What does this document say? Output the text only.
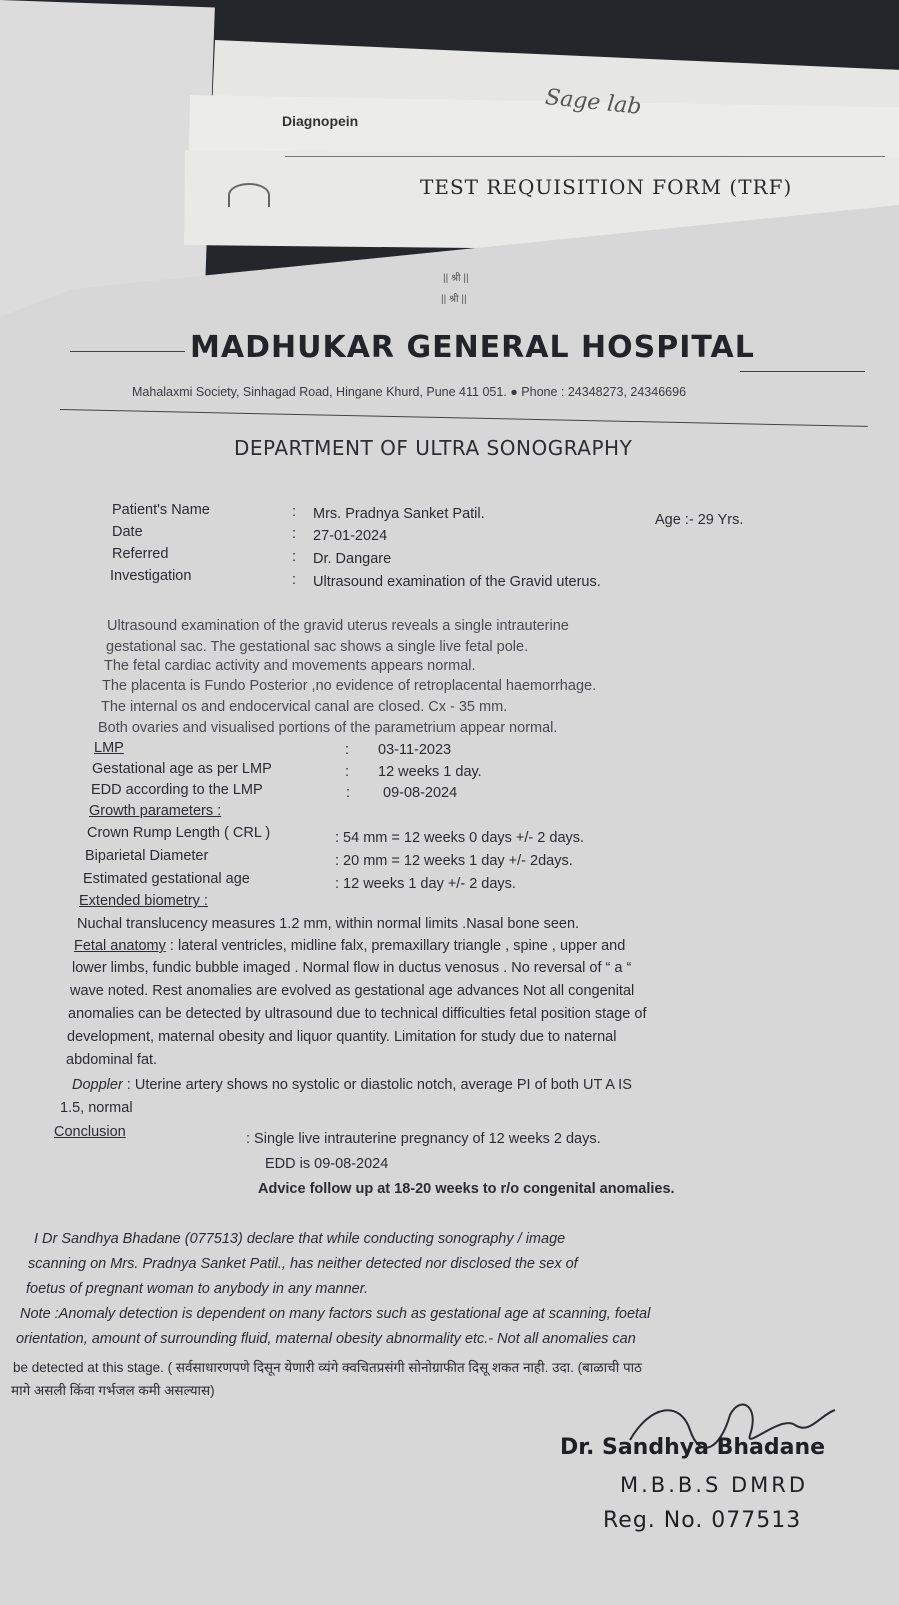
Sage lab
Diagnopein
TEST REQUISITION FORM (TRF)
|| श्री ||
|| श्री ||
MADHUKAR GENERAL HOSPITAL
Mahalaxmi Society, Sinhagad Road, Hingane Khurd, Pune 411 051. ● Phone : 24348273, 24346696
DEPARTMENT OF ULTRA SONOGRAPHY
Patient's Name	: Mrs. Pradnya Sanket Patil.	Age :- 29 Yrs.
Date	: 27-01-2024
Referred	: Dr. Dangare
Investigation	: Ultrasound examination of the Gravid uterus.
Ultrasound examination of the gravid uterus reveals a single intrauterine
gestational sac. The gestational sac shows a single live fetal pole.
The fetal cardiac activity and movements appears normal.
The placenta is Fundo Posterior ,no evidence of retroplacental haemorrhage.
The internal os and endocervical canal are closed. Cx - 35 mm.
Both ovaries and visualised portions of the parametrium appear normal.
LMP	: 03-11-2023
Gestational age as per LMP	: 12 weeks 1 day.
EDD according to the LMP	: 09-08-2024
Growth parameters :
Crown Rump Length ( CRL )	: 54 mm = 12 weeks 0 days +/- 2 days.
Biparietal Diameter	: 20 mm = 12 weeks 1 day +/- 2days.
Estimated gestational age	: 12 weeks 1 day +/- 2 days.
Extended biometry :
Nuchal translucency measures 1.2 mm, within normal limits .Nasal bone seen.
Fetal anatomy : lateral ventricles, midline falx, premaxillary triangle , spine , upper and
lower limbs, fundic bubble imaged . Normal flow in ductus venosus . No reversal of “ a “
wave noted. Rest anomalies are evolved as gestational age advances Not all congenital
anomalies can be detected by ultrasound due to technical difficulties fetal position stage of
development, maternal obesity and liquor quantity. Limitation for study due to naternal
abdominal fat.
Doppler : Uterine artery shows no systolic or diastolic notch, average PI of both UT A IS
1.5, normal
Conclusion	: Single live intrauterine pregnancy of 12 weeks 2 days.
EDD is 09-08-2024
Advice follow up at 18-20 weeks to r/o congenital anomalies.
I Dr Sandhya Bhadane (077513) declare that while conducting sonography / image
scanning on Mrs. Pradnya Sanket Patil., has neither detected nor disclosed the sex of
foetus of pregnant woman to anybody in any manner.
Note :Anomaly detection is dependent on many factors such as gestational age at scanning, foetal
orientation, amount of surrounding fluid, maternal obesity abnormality etc.- Not all anomalies can
be detected at this stage. ( सर्वसाधारणपणे दिसून येणारी व्यंगे क्वचितप्रसंगी सोनोग्राफीत दिसू शकत नाही. उदा. (बाळाची पाठ
मागे असली किंवा गर्भजल कमी असल्यास)
Dr. Sandhya Bhadane
M.B.B.S DMRD
Reg. No. 077513
